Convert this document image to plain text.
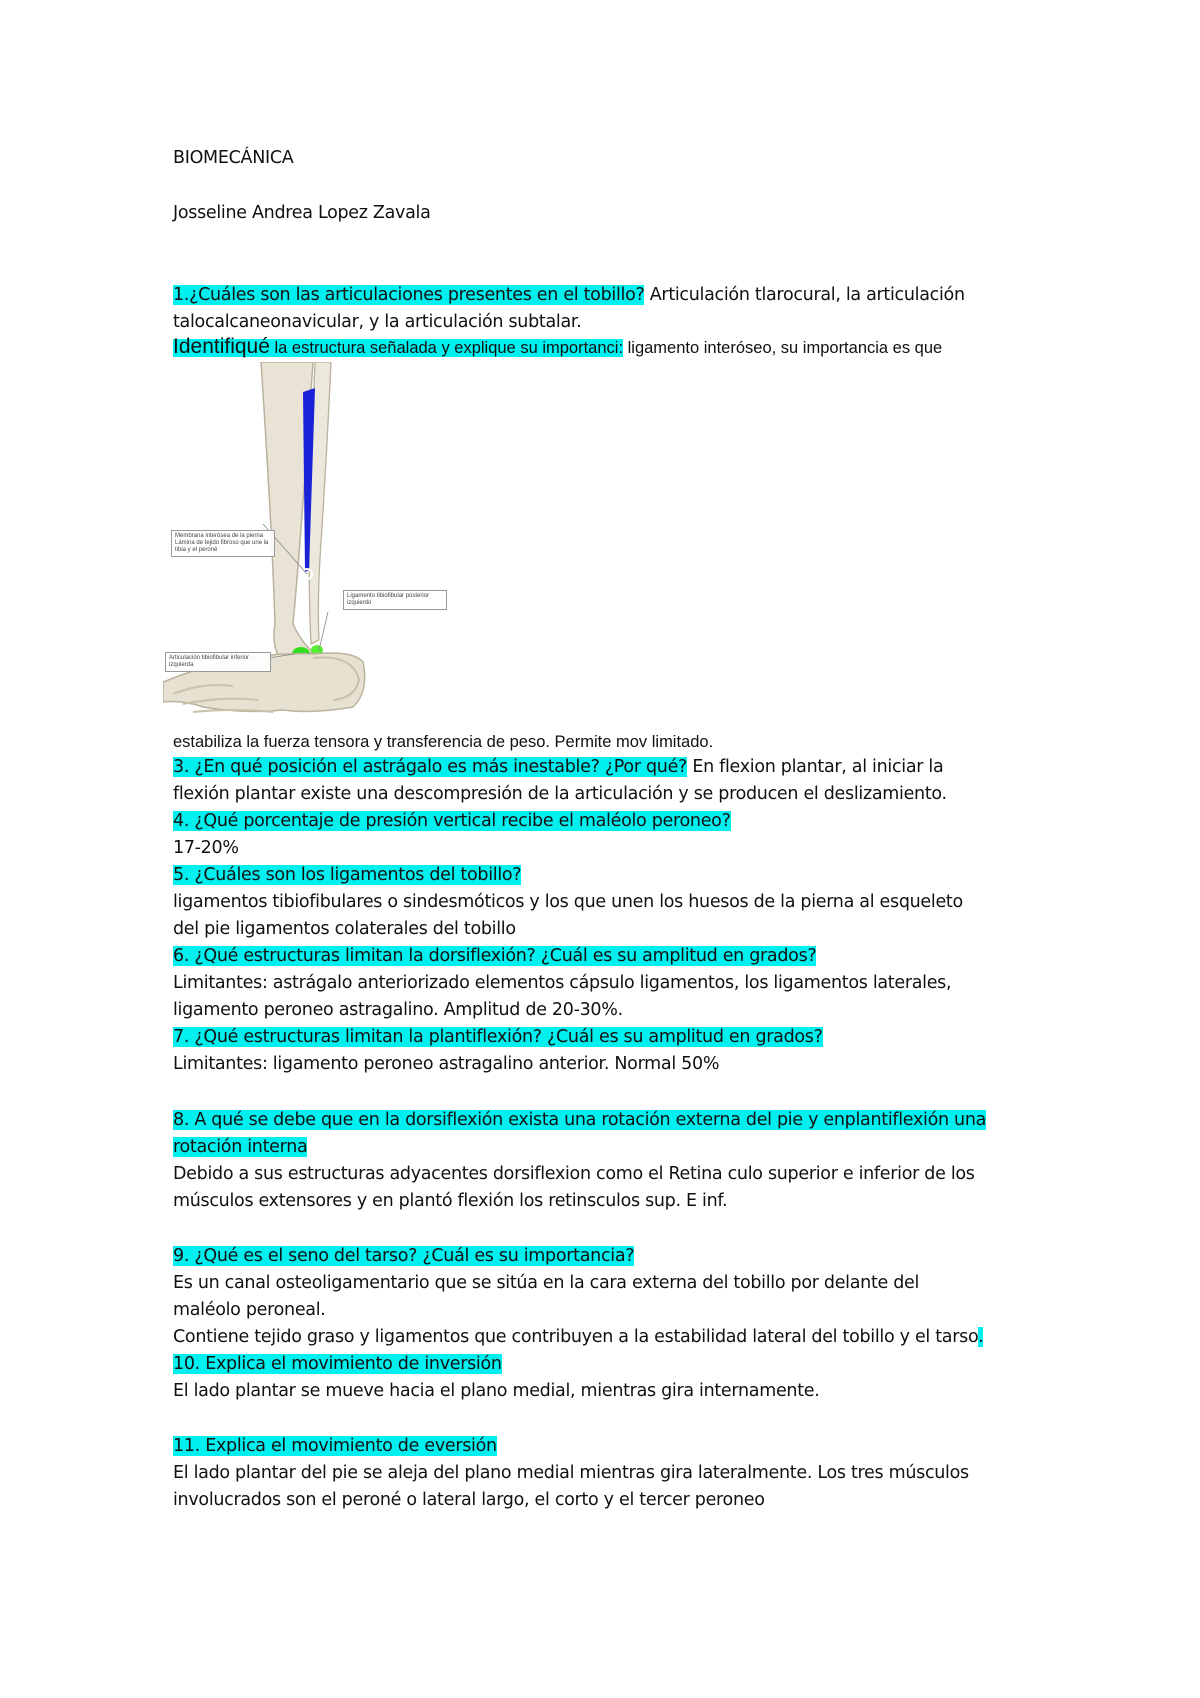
BIOMECÁNICA
Josseline Andrea Lopez Zavala
1.¿Cuáles son las articulaciones presentes en el tobillo? Articulación tlarocural, la articulación
talocalcaneonavicular, y la articulación subtalar.
Identifiqué la estructura señalada y explique su importanci: ligamento interóseo, su importancia es que
Membrana interósea de la pierna
Lámina de tejido fibroso que une la tibia y el peroné
Ligamento tibiofibular posterior izquierdo
Articulación tibiofibular inferior izquierda
estabiliza la fuerza tensora y transferencia de peso. Permite mov limitado.
3. ¿En qué posición el astrágalo es más inestable? ¿Por qué? En flexion plantar, al iniciar la
flexión plantar existe una descompresión de la articulación y se producen el deslizamiento.
4. ¿Qué porcentaje de presión vertical recibe el maléolo peroneo?
17-20%
5. ¿Cuáles son los ligamentos del tobillo?
ligamentos tibiofibulares o sindesmóticos y los que unen los huesos de la pierna al esqueleto
del pie ligamentos colaterales del tobillo
6. ¿Qué estructuras limitan la dorsiflexión? ¿Cuál es su amplitud en grados?
Limitantes: astrágalo anteriorizado elementos cápsulo ligamentos, los ligamentos laterales,
ligamento peroneo astragalino. Amplitud de 20-30%.
7. ¿Qué estructuras limitan la plantiflexión? ¿Cuál es su amplitud en grados?
Limitantes: ligamento peroneo astragalino anterior. Normal 50%
8. A qué se debe que en la dorsiflexión exista una rotación externa del pie y enplantiflexión una
rotación interna
Debido a sus estructuras adyacentes dorsiflexion como el Retina culo superior e inferior de los
músculos extensores y en plantó flexión los retinsculos sup. E inf.
9. ¿Qué es el seno del tarso? ¿Cuál es su importancia?
Es un canal osteoligamentario que se sitúa en la cara externa del tobillo por delante del
maléolo peroneal.
Contiene tejido graso y ligamentos que contribuyen a la estabilidad lateral del tobillo y el tarso.
10. Explica el movimiento de inversión
El lado plantar se mueve hacia el plano medial, mientras gira internamente.
11. Explica el movimiento de eversión
El lado plantar del pie se aleja del plano medial mientras gira lateralmente. Los tres músculos
involucrados son el peroné o lateral largo, el corto y el tercer peroneo
